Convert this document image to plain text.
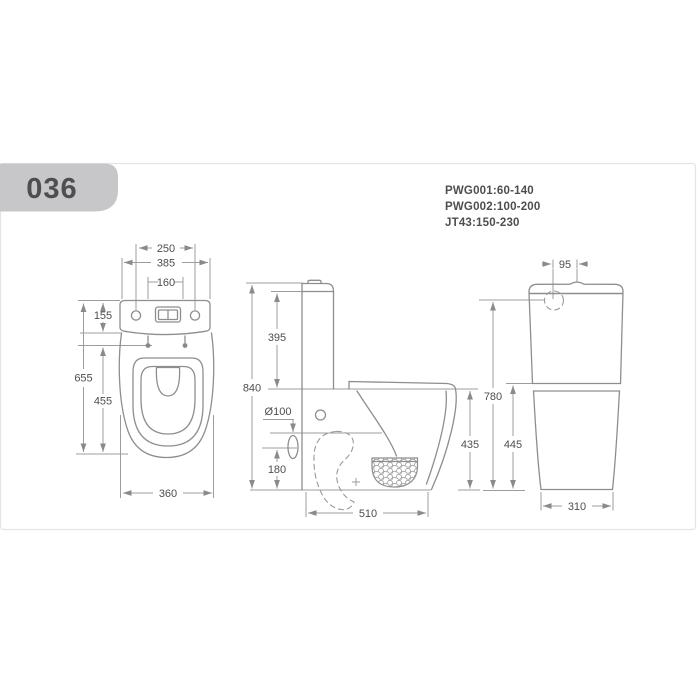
036	PWG001:60-140
PWG002:100-200
JT43:150-230
250
385
160
155
655
455
360
840
395
Ø100
180
435
510
95
780
445
310
